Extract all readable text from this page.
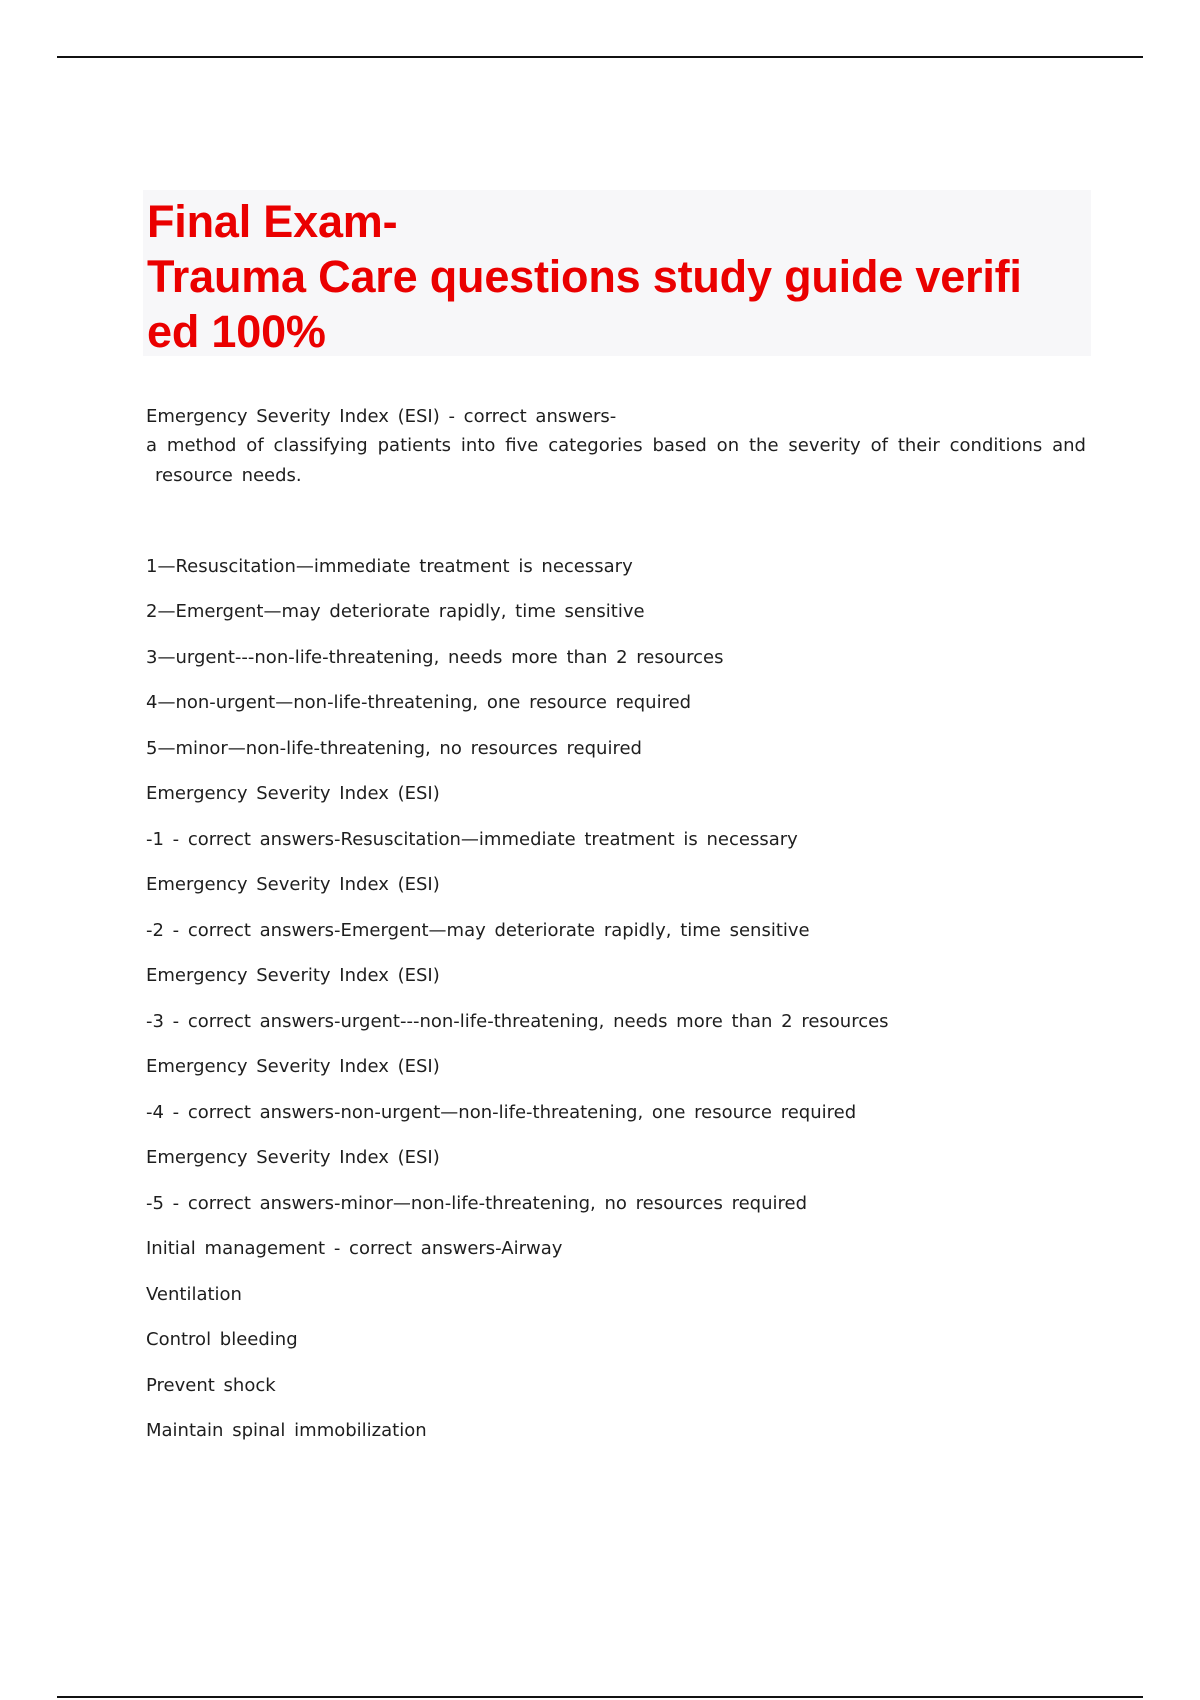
Final Exam-
Trauma Care questions study guide verifi
ed 100%
Emergency Severity Index (ESI) - correct answers-
a method of classifying patients into five categories based on the severity of their conditions and
resource needs.
1—Resuscitation—immediate treatment is necessary
2—Emergent—may deteriorate rapidly, time sensitive
3—urgent---non-life-threatening, needs more than 2 resources
4—non-urgent—non-life-threatening, one resource required
5—minor—non-life-threatening, no resources required
Emergency Severity Index (ESI)
-1 - correct answers-Resuscitation—immediate treatment is necessary
Emergency Severity Index (ESI)
-2 - correct answers-Emergent—may deteriorate rapidly, time sensitive
Emergency Severity Index (ESI)
-3 - correct answers-urgent---non-life-threatening, needs more than 2 resources
Emergency Severity Index (ESI)
-4 - correct answers-non-urgent—non-life-threatening, one resource required
Emergency Severity Index (ESI)
-5 - correct answers-minor—non-life-threatening, no resources required
Initial management - correct answers-Airway
Ventilation
Control bleeding
Prevent shock
Maintain spinal immobilization
